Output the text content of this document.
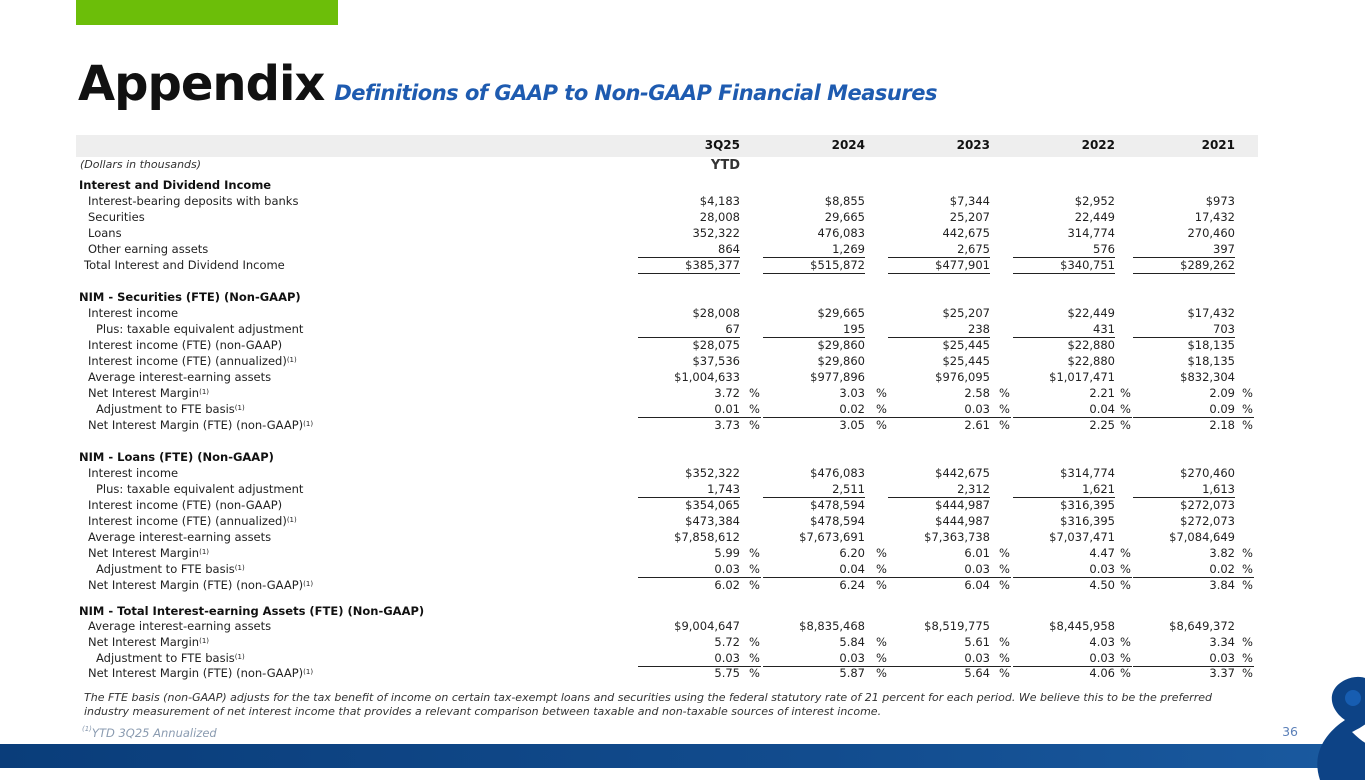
Appendix Definitions of GAAP to Non-GAAP Financial Measures
3Q25	2024	2023	2022	2021
(Dollars in thousands)	YTD
Interest and Dividend Income
Interest-bearing deposits with banks	$4,183	$8,855	$7,344	$2,952	$973
Securities	28,008	29,665	25,207	22,449	17,432
Loans	352,322	476,083	442,675	314,774	270,460
Other earning assets	864	1,269	2,675	576	397
Total Interest and Dividend Income	$385,377	$515,872	$477,901	$340,751	$289,262
NIM - Securities (FTE) (Non-GAAP)
Interest income	$28,008	$29,665	$25,207	$22,449	$17,432
Plus: taxable equivalent adjustment	67	195	238	431	703
Interest income (FTE) (non-GAAP)	$28,075	$29,860	$25,445	$22,880	$18,135
Interest income (FTE) (annualized)$^{(1)}$	$37,536	$29,860	$25,445	$22,880	$18,135
Average interest-earning assets	$1,004,633	$977,896	$976,095	$1,017,471	$832,304
Net Interest Margin$^{(1)}$	3.72 %	3.03 %	2.58 %	2.21 %	2.09 %
Adjustment to FTE basis$^{(1)}$	0.01 %	0.02 %	0.03 %	0.04 %	0.09 %
Net Interest Margin (FTE) (non-GAAP)$^{(1)}$	3.73 %	3.05 %	2.61 %	2.25 %	2.18 %
NIM - Loans (FTE) (Non-GAAP)
Interest income	$352,322	$476,083	$442,675	$314,774	$270,460
Plus: taxable equivalent adjustment	1,743	2,511	2,312	1,621	1,613
Interest income (FTE) (non-GAAP)	$354,065	$478,594	$444,987	$316,395	$272,073
Interest income (FTE) (annualized)$^{(1)}$	$473,384	$478,594	$444,987	$316,395	$272,073
Average interest-earning assets	$7,858,612	$7,673,691	$7,363,738	$7,037,471	$7,084,649
Net Interest Margin$^{(1)}$	5.99 %	6.20 %	6.01 %	4.47 %	3.82 %
Adjustment to FTE basis$^{(1)}$	0.03 %	0.04 %	0.03 %	0.03 %	0.02 %
Net Interest Margin (FTE) (non-GAAP)$^{(1)}$	6.02 %	6.24 %	6.04 %	4.50 %	3.84 %
NIM - Total Interest-earning Assets (FTE) (Non-GAAP)
Average interest-earning assets	$9,004,647	$8,835,468	$8,519,775	$8,445,958	$8,649,372
Net Interest Margin$^{(1)}$	5.72 %	5.84 %	5.61 %	4.03 %	3.34 %
Adjustment to FTE basis$^{(1)}$	0.03 %	0.03 %	0.03 %	0.03 %	0.03 %
Net Interest Margin (FTE) (non-GAAP)$^{(1)}$	5.75 %	5.87 %	5.64 %	4.06 %	3.37 %
The FTE basis (non-GAAP) adjusts for the tax benefit of income on certain tax-exempt loans and securities using the federal statutory rate of 21 percent for each period. We believe this to be the preferred industry measurement of net interest income that provides a relevant comparison between taxable and non-taxable sources of interest income.
$^{(1)}$YTD 3Q25 Annualized	36
